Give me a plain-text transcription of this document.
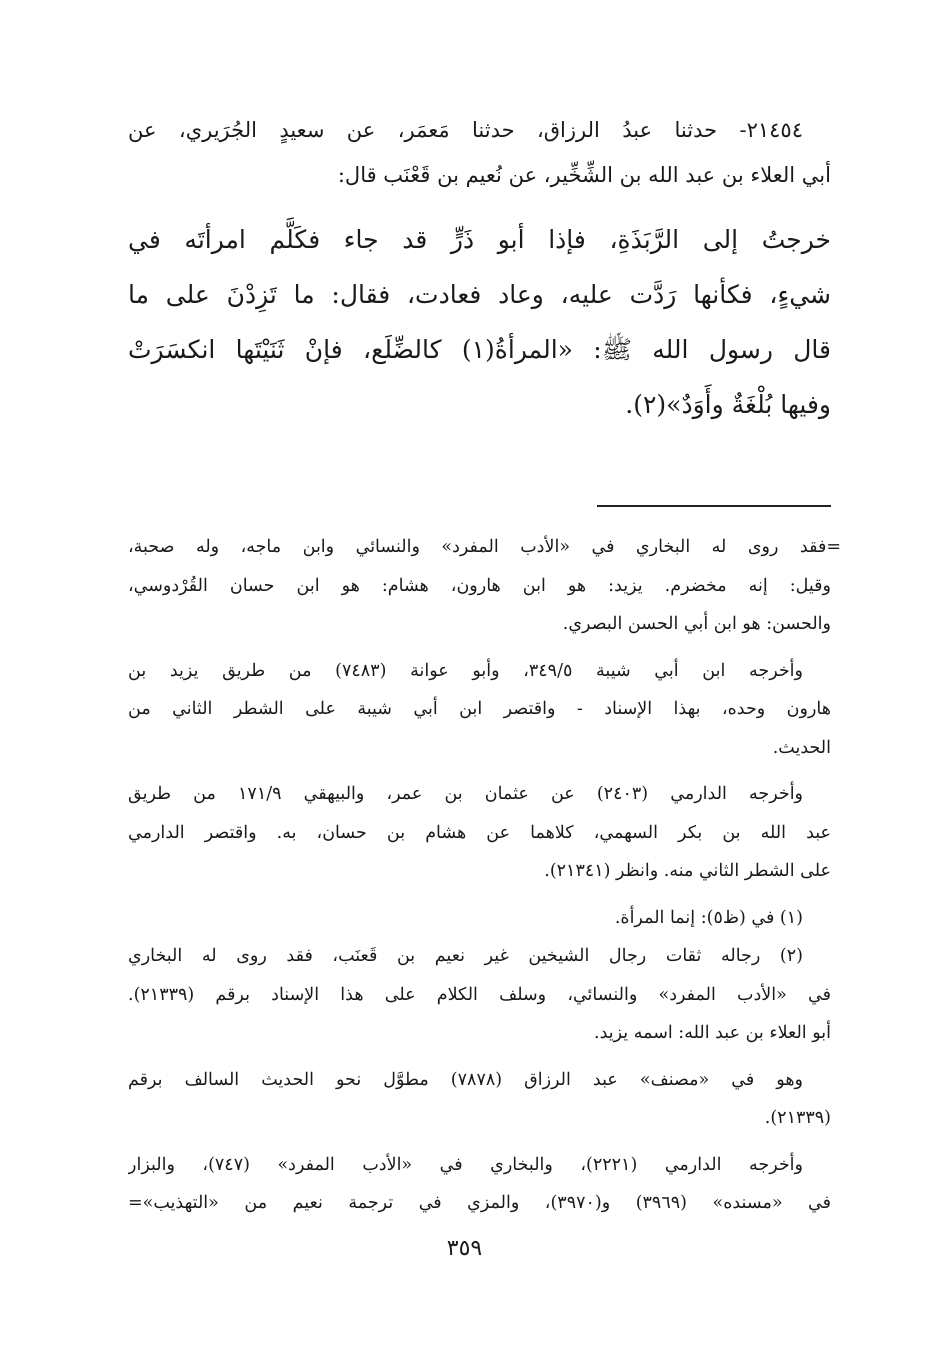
٢١٤٥٤- حدثنا عبدُ الرزاق، حدثنا مَعمَر، عن سعيدٍ الجُرَيري، عن
أبي العلاء بن عبد الله بن الشِّخِّير، عن نُعيم بن قَعْنَب قال:
خرجتُ إلى الرَّبَذَةِ، فإذا أبو ذَرٍّ قد جاء فكَلَّم امرأتَه في
شيءٍ، فكأنها رَدَّت عليه، وعاد فعادت، فقال: ما تَزِدْنَ على ما
قال رسول الله ﷺ: «المرأةُ(١) كالضِّلَع، فإنْ ثَنَيْتَها انكسَرَتْ
وفيها بُلْغَةٌ وأَوَدٌ»(٢).
=فقد روى له البخاري في «الأدب المفرد» والنسائي وابن ماجه، وله صحبة،
وقيل: إنه مخضرم. يزيد: هو ابن هارون، هشام: هو ابن حسان القُرْدوسي،
والحسن: هو ابن أبي الحسن البصري.
وأخرجه ابن أبي شيبة ٣٤٩/٥، وأبو عوانة (٧٤٨٣) من طريق يزيد بن
هارون وحده، بهذا الإسناد - واقتصر ابن أبي شيبة على الشطر الثاني من
الحديث.
وأخرجه الدارمي (٢٤٠٣) عن عثمان بن عمر، والبيهقي ١٧١/٩ من طريق
عبد الله بن بكر السهمي، كلاهما عن هشام بن حسان، به. واقتصر الدارمي
على الشطر الثاني منه. وانظر (٢١٣٤١).
(١) في (ظ٥): إنما المرأة.
(٢) رجاله ثقات رجال الشيخين غير نعيم بن قَعنَب، فقد روى له البخاري
في «الأدب المفرد» والنسائي، وسلف الكلام على هذا الإسناد برقم (٢١٣٣٩).
أبو العلاء بن عبد الله: اسمه يزيد.
وهو في «مصنف» عبد الرزاق (٧٨٧٨) مطوَّل نحو الحديث السالف برقم
(٢١٣٣٩).
وأخرجه الدارمي (٢٢٢١)، والبخاري في «الأدب المفرد» (٧٤٧)، والبزار
في «مسنده» (٣٩٦٩) و(٣٩٧٠)، والمزي في ترجمة نعيم من «التهذيب»=
٣٥٩
